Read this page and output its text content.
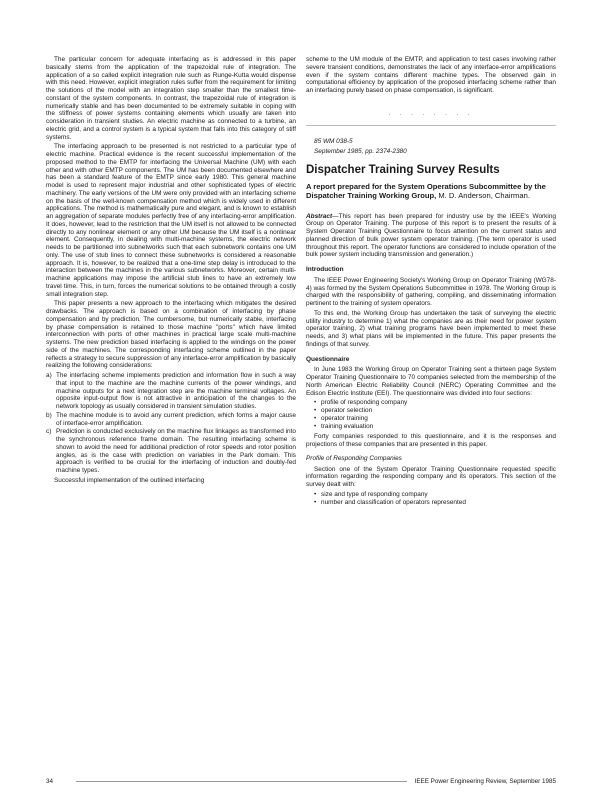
The particular concern for adequate interfacing as is addressed in this paper basically stems from the application of the trapezoidal rule of integration. The application of a so called explicit integration rule such as Runge-Kutta would dispense with this need. However, explicit integration rules suffer from the requirement for limiting the solutions of the model with an integration step smaller than the smallest time-constant of the system components. In contrast, the trapezoidal rule of integration is numerically stable and has been documented to be extremely suitable in coping with the stiffness of power systems containing elements which usually are taken into consideration in transient studies. An electric machine as connected to a turbine, an electric grid, and a control system is a typical system that falls into this category of stiff systems.

The interfacing approach to be presented is not restricted to a particular type of electric machine. Practical evidence is the recent successful implementation of the proposed method to the EMTP for interfacing the Universal Machine (UM) with each other and with other EMTP components. The UM has been documented elsewhere and has been a standard feature of the EMTP since early 1980. This general machine model is used to represent major industrial and other sophisticated types of electric machinery. The early versions of the UM were only provided with an interfacing scheme on the basis of the well-known compensation method which is widely used in different applications. The method is mathematically pure and elegant, and is known to establish an aggregation of separate modules perfectly free of any interfacing-error amplification. It does, however, lead to the restriction that the UM itself is not allowed to be connected directly to any nonlinear element or any other UM because the UM itself is a nonlinear element. Consequently, in dealing with multi-machine systems, the electric network needs to be partitioned into subnetworks such that each subnetwork contains one UM only. The use of stub lines to connect these subnetworks is considered a reasonable approach. It is, however, to be realized that a one-time step delay is introduced to the interaction between the machines in the various subnetworks. Moreover, certain multi-machine applications may impose the artificial stub lines to have an extremely low travel time. This, in turn, forces the numerical solutions to be obtained through a costly small integration step.

This paper presents a new approach to the interfacing which mitigates the desired drawbacks. The approach is based on a combination of interfacing by phase compensation and by prediction. The cumbersome, but numerically stable, interfacing by phase compensation is retained to those machine "ports" which have limited interconnection with ports of other machines in practical large scale multi-machine systems. The new prediction based interfacing is applied to the windings on the power side of the machines. The corresponding interfacing scheme outlined in the paper reflects a strategy to secure suppression of any interface-error amplification by basically realizing the following considerations:

a) The interfacing scheme implements prediction and information flow in such a way that input to the machine are the machine currents of the power windings, and machine outputs for a next integration step are the machine terminal voltages. An opposite input-output flow is not attractive in anticipation of the changes to the network topology as usually considered in transient simulation studies.
b) The machine module is to avoid any current prediction, which forms a major cause of interface-error amplification.
c) Prediction is conducted exclusively on the machine flux linkages as transformed into the synchronous reference frame domain. The resulting interfacing scheme is shown to avoid the need for additional prediction of rotor speeds and rotor position angles, as is the case with prediction on variables in the Park domain. This approach is verified to be crucial for the interfacing of induction and doubly-fed machine types.

Successful implementation of the outlined interfacing

scheme to the UM module of the EMTP, and application to test cases involving rather severe transient conditions, demonstrates the lack of any interface-error amplifications even if the system contains different machine types. The observed gain in computational efficiency by application of the proposed interfacing scheme rather than an interfacing purely based on phase compensation, is significant.

. . . . . . . .

85 WM 038-5

September 1985, pp. 2374-2380

Dispatcher Training Survey Results
A report prepared for the System Operations Subcommittee by the Dispatcher Training Working Group, M. D. Anderson, Chairman.

Abstract—This report has been prepared for industry use by the IEEE's Working Group on Operator Training. The purpose of this report is to present the results of a System Operator Training Questionnaire to focus attention on the current status and planned direction of bulk power system operator training. (The term operator is used throughout this report. The operator functions are considered to include operation of the bulk power system including transmission and generation.)

Introduction

The IEEE Power Engineering Society's Working Group on Operator Training (WG78-4) was formed by the System Operations Subcommittee in 1978. The Working Group is charged with the responsibility of gathering, compiling, and disseminating information pertinent to the training of system operators.

To this end, the Working Group has undertaken the task of surveying the electric utility industry to determine 1) what the companies are as their need for power system operator training, 2) what training programs have been implemented to meet these needs, and 3) what plans will be implemented in the future. This paper presents the findings of that survey.

Questionnaire

In June 1983 the Working Group on Operator Training sent a thirteen page System Operator Training Questionnaire to 70 companies selected from the membership of the North American Electric Reliability Council (NERC) Operating Committee and the Edison Electric Institute (EEI). The questionnaire was divided into four sections:

• profile of responding company
• operator selection
• operator training
• training evaluation

Forty companies responded to this questionnaire, and it is the responses and projections of these companies that are presented in this paper.

Profile of Responding Companies

Section one of the System Operator Training Questionnaire requested specific information regarding the responding company and its operators. This section of the survey dealt with:

• size and type of responding company
• number and classification of operators represented
34	IEEE Power Engineering Review, September 1985
